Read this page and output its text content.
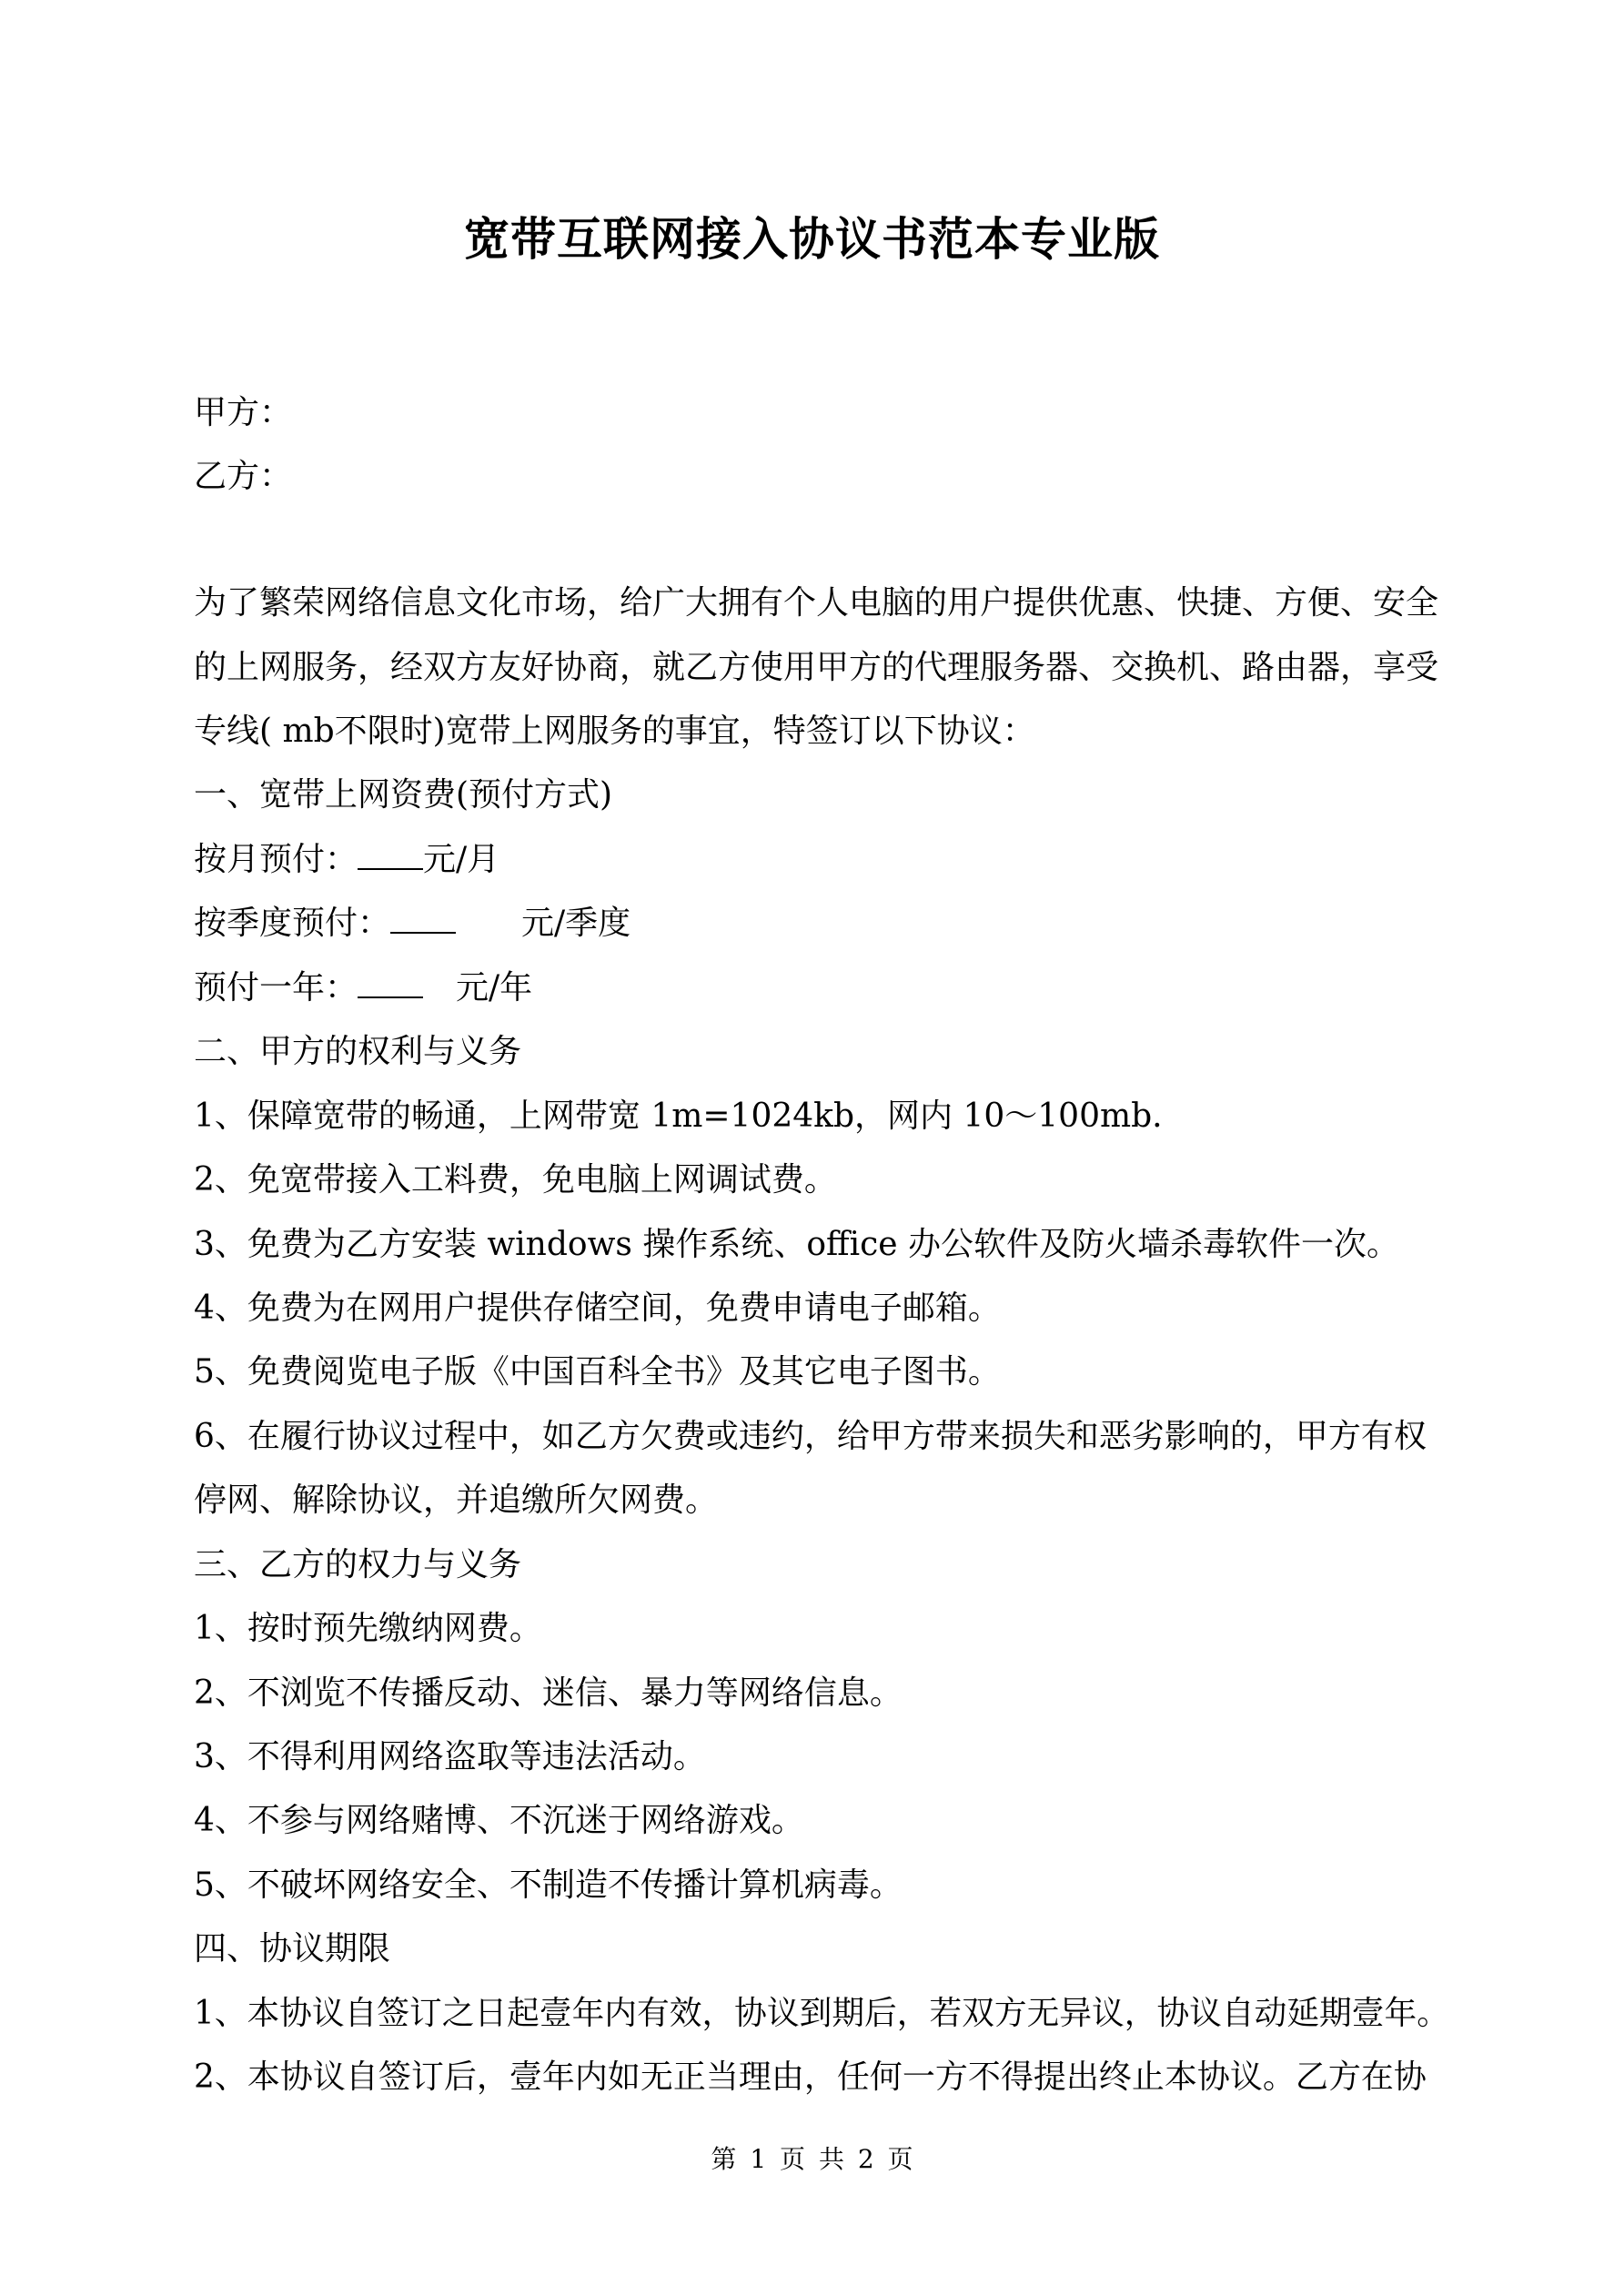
宽带互联网接入协议书范本专业版
甲方：
乙方：
为了繁荣网络信息文化市场，给广大拥有个人电脑的用户提供优惠、快捷、方便、安全
的上网服务，经双方友好协商，就乙方使用甲方的代理服务器、交换机、路由器，享受
专线( mb不限时)宽带上网服务的事宜，特签订以下协议：
一、宽带上网资费(预付方式)
按月预付： 元/月
按季度预付：	元/季度
预付一年：	元/年
二、甲方的权利与义务
1、保障宽带的畅通，上网带宽 1m=1024kb，网内 10～100mb.
2、免宽带接入工料费，免电脑上网调试费。
3、免费为乙方安装 windows 操作系统、office 办公软件及防火墙杀毒软件一次。
4、免费为在网用户提供存储空间，免费申请电子邮箱。
5、免费阅览电子版《中国百科全书》及其它电子图书。
6、在履行协议过程中，如乙方欠费或违约，给甲方带来损失和恶劣影响的，甲方有权
停网、解除协议，并追缴所欠网费。
三、乙方的权力与义务
1、按时预先缴纳网费。
2、不浏览不传播反动、迷信、暴力等网络信息。
3、不得利用网络盗取等违法活动。
4、不参与网络赌博、不沉迷于网络游戏。
5、不破坏网络安全、不制造不传播计算机病毒。
四、协议期限
1、本协议自签订之日起壹年内有效，协议到期后，若双方无异议，协议自动延期壹年。
2、本协议自签订后，壹年内如无正当理由，任何一方不得提出终止本协议。乙方在协
第 1 页 共 2 页
